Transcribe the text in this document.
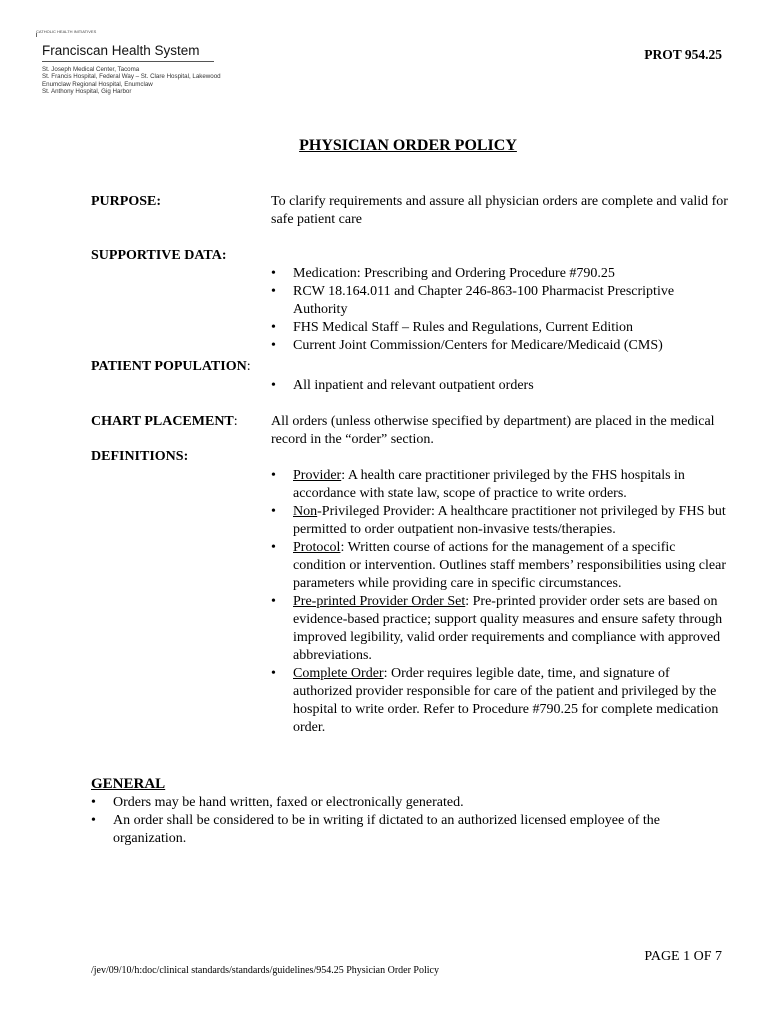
CATHOLIC HEALTH INITIATIVES
Franciscan Health System
St. Joseph Medical Center, Tacoma
St. Francis Hospital, Federal Way – St. Clare Hospital, Lakewood
Enumclaw Regional Hospital, Enumclaw
St. Anthony Hospital, Gig Harbor
PROT 954.25
PHYSICIAN ORDER POLICY
PURPOSE:	To clarify requirements and assure all physician orders are complete and valid for safe patient care
SUPPORTIVE DATA:
• Medication: Prescribing and Ordering Procedure #790.25
• RCW 18.164.011 and Chapter 246-863-100 Pharmacist Prescriptive Authority
• FHS Medical Staff – Rules and Regulations, Current Edition
• Current Joint Commission/Centers for Medicare/Medicaid (CMS)
PATIENT POPULATION:
• All inpatient and relevant outpatient orders
CHART PLACEMENT: All orders (unless otherwise specified by department) are placed in the medical record in the “order” section.
DEFINITIONS:
• Provider: A health care practitioner privileged by the FHS hospitals in accordance with state law, scope of practice to write orders.
• Non-Privileged Provider: A healthcare practitioner not privileged by FHS but permitted to order outpatient non-invasive tests/therapies.
• Protocol: Written course of actions for the management of a specific condition or intervention. Outlines staff members’ responsibilities using clear parameters while providing care in specific circumstances.
• Pre-printed Provider Order Set: Pre-printed provider order sets are based on evidence-based practice; support quality measures and ensure safety through improved legibility, valid order requirements and compliance with approved abbreviations.
• Complete Order: Order requires legible date, time, and signature of authorized provider responsible for care of the patient and privileged by the hospital to write order. Refer to Procedure #790.25 for complete medication order.
GENERAL
• Orders may be hand written, faxed or electronically generated.
• An order shall be considered to be in writing if dictated to an authorized licensed employee of the organization.
PAGE 1 OF 7
/jev/09/10/h:doc/clinical standards/standards/guidelines/954.25 Physician Order Policy
